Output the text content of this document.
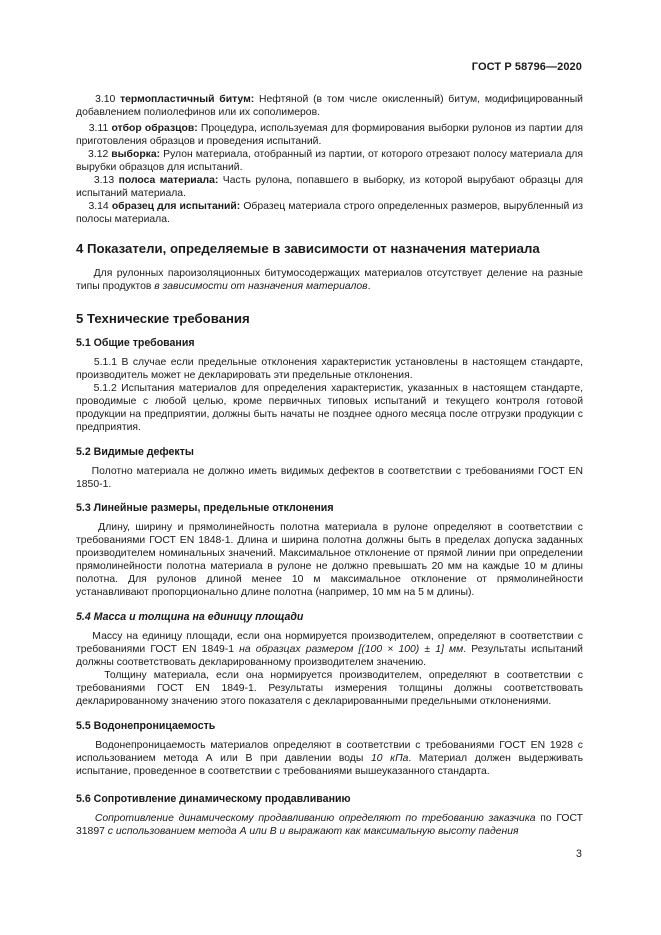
ГОСТ Р 58796—2020

3.10 термопластичный битум: Нефтяной (в том числе окисленный) битум, модифицированный добавлением полиолефинов или их сополимеров.

3.11 отбор образцов: Процедура, используемая для формирования выборки рулонов из партии для приготовления образцов и проведения испытаний.

3.12 выборка: Рулон материала, отобранный из партии, от которого отрезают полосу материала для вырубки образцов для испытаний.

3.13 полоса материала: Часть рулона, попавшего в выборку, из которой вырубают образцы для испытаний материала.

3.14 образец для испытаний: Образец материала строго определенных размеров, вырубленный из полосы материала.

4 Показатели, определяемые в зависимости от назначения материала

Для рулонных пароизоляционных битумосодержащих материалов отсутствует деление на разные типы продуктов в зависимости от назначения материалов.

5 Технические требования
5.1 Общие требования

5.1.1 В случае если предельные отклонения характеристик установлены в настоящем стандарте, производитель может не декларировать эти предельные отклонения.

5.1.2 Испытания материалов для определения характеристик, указанных в настоящем стандарте, проводимые с любой целью, кроме первичных типовых испытаний и текущего контроля готовой продукции на предприятии, должны быть начаты не позднее одного месяца после отгрузки продукции с предприятия.

5.2 Видимые дефекты

Полотно материала не должно иметь видимых дефектов в соответствии с требованиями ГОСТ EN 1850-1.

5.3 Линейные размеры, предельные отклонения

Длину, ширину и прямолинейность полотна материала в рулоне определяют в соответствии с требованиями ГОСТ EN 1848-1. Длина и ширина полотна должны быть в пределах допуска заданных производителем номинальных значений. Максимальное отклонение от прямой линии при определении прямолинейности полотна материала в рулоне не должно превышать 20 мм на каждые 10 м длины полотна. Для рулонов длиной менее 10 м максимальное отклонение от прямолинейности устанавливают пропорционально длине полотна (например, 10 мм на 5 м длины).

5.4 Масса и толщина на единицу площади

Массу на единицу площади, если она нормируется производителем, определяют в соответствии с требованиями ГОСТ EN 1849-1 на образцах размером [(100 × 100) ± 1] мм. Результаты испытаний должны соответствовать декларированному производителем значению.

Толщину материала, если она нормируется производителем, определяют в соответствии с требованиями ГОСТ EN 1849-1. Результаты измерения толщины должны соответствовать декларированному значению этого показателя с декларированными предельными отклонениями.

5.5 Водонепроницаемость

Водонепроницаемость материалов определяют в соответствии с требованиями ГОСТ EN 1928 с использованием метода А или В при давлении воды 10 кПа. Материал должен выдерживать испытание, проведенное в соответствии с требованиями вышеуказанного стандарта.

5.6 Сопротивление динамическому продавливанию

Сопротивление динамическому продавливанию определяют по требованию заказчика по ГОСТ 31897 с использованием метода А или В и выражают как максимальную высоту падения

3
